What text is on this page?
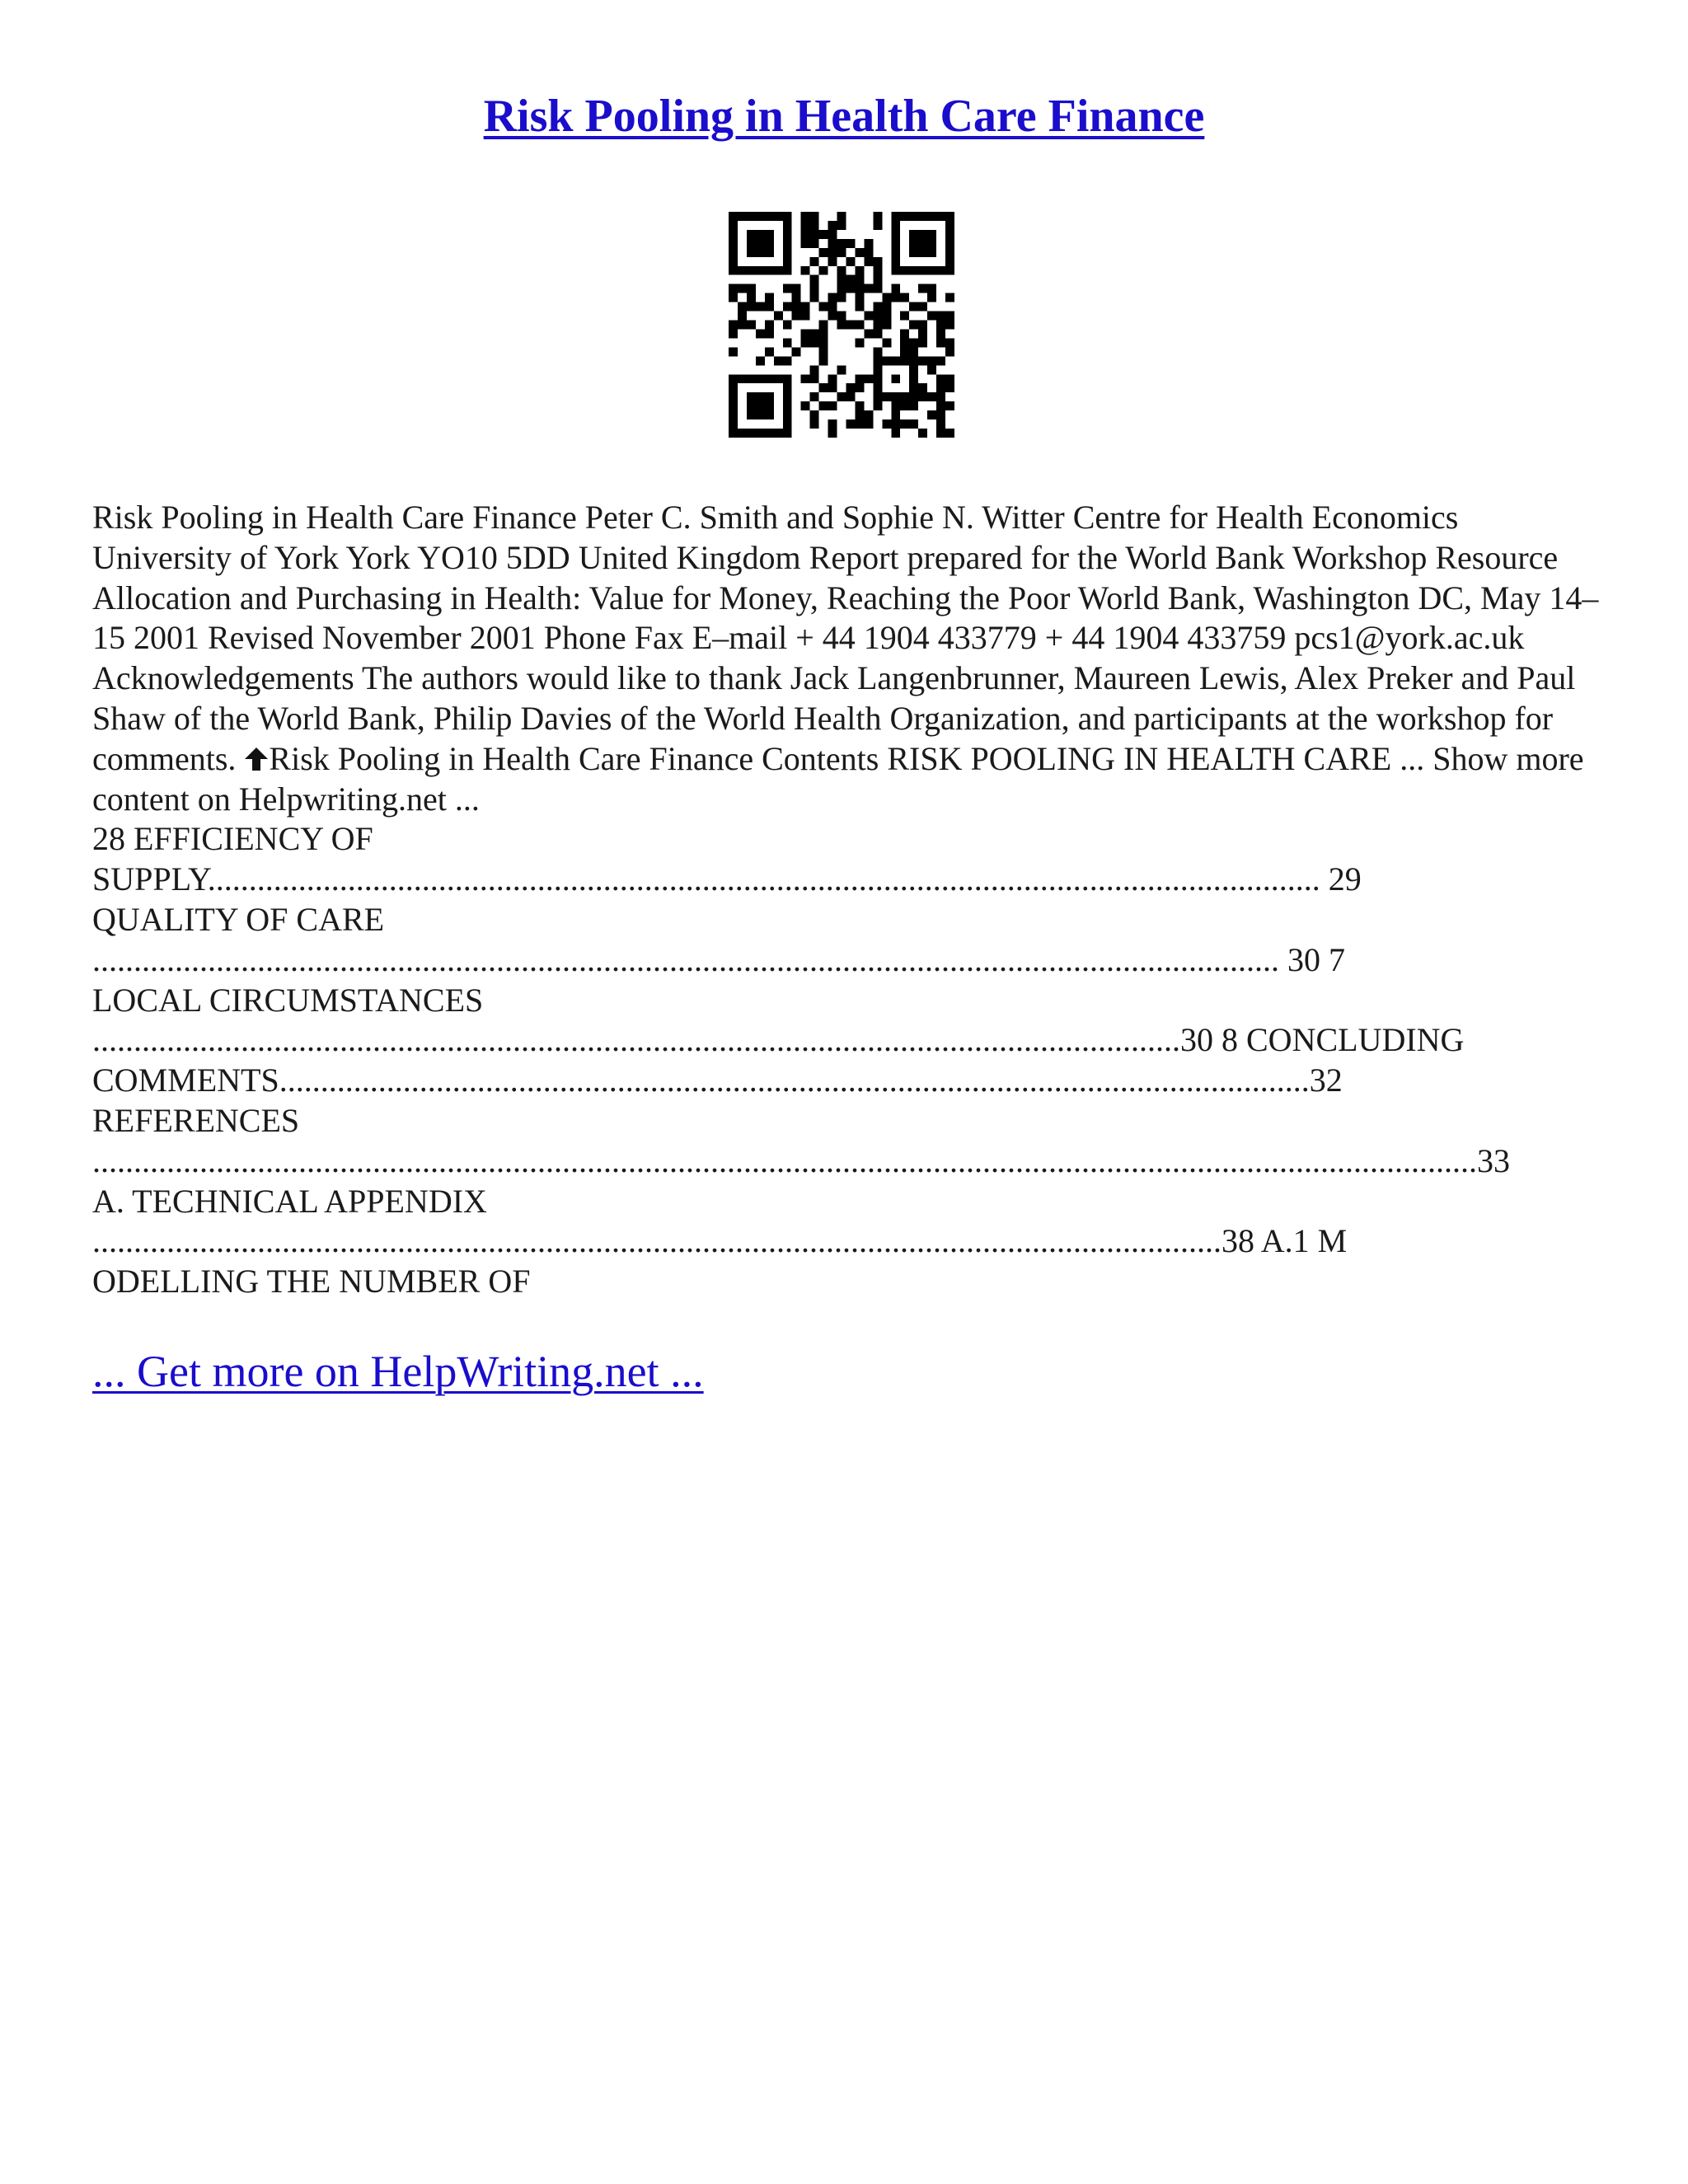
Risk Pooling in Health Care Finance

Risk Pooling in Health Care Finance Peter C. Smith and Sophie N. Witter Centre for Health Economics University of York York YO10 5DD United Kingdom Report prepared for the World Bank Workshop Resource Allocation and Purchasing in Health: Value for Money, Reaching the Poor World Bank, Washington DC, May 14–15 2001 Revised November 2001 Phone Fax E–mail + 44 1904 433779 + 44 1904 433759 pcs1@york.ac.uk Acknowledgements The authors would like to thank Jack Langenbrunner, Maureen Lewis, Alex Preker and Paul Shaw of the World Bank, Philip Davies of the World Health Organization, and participants at the workshop for comments. Risk Pooling in Health Care Finance Contents RISK POOLING IN HEALTH CARE ... Show more content on Helpwriting.net ...

28 EFFICIENCY OF
SUPPLY....................................................................................................................................... 29
QUALITY OF CARE
................................................................................................................................................ 30 7
LOCAL CIRCUMSTANCES
....................................................................................................................................30 8 CONCLUDING
COMMENTS.............................................................................................................................32
REFERENCES
........................................................................................................................................................................33
A. TECHNICAL APPENDIX
.........................................................................................................................................38 A.1 M
ODELLING THE NUMBER OF
... Get more on HelpWriting.net ...
